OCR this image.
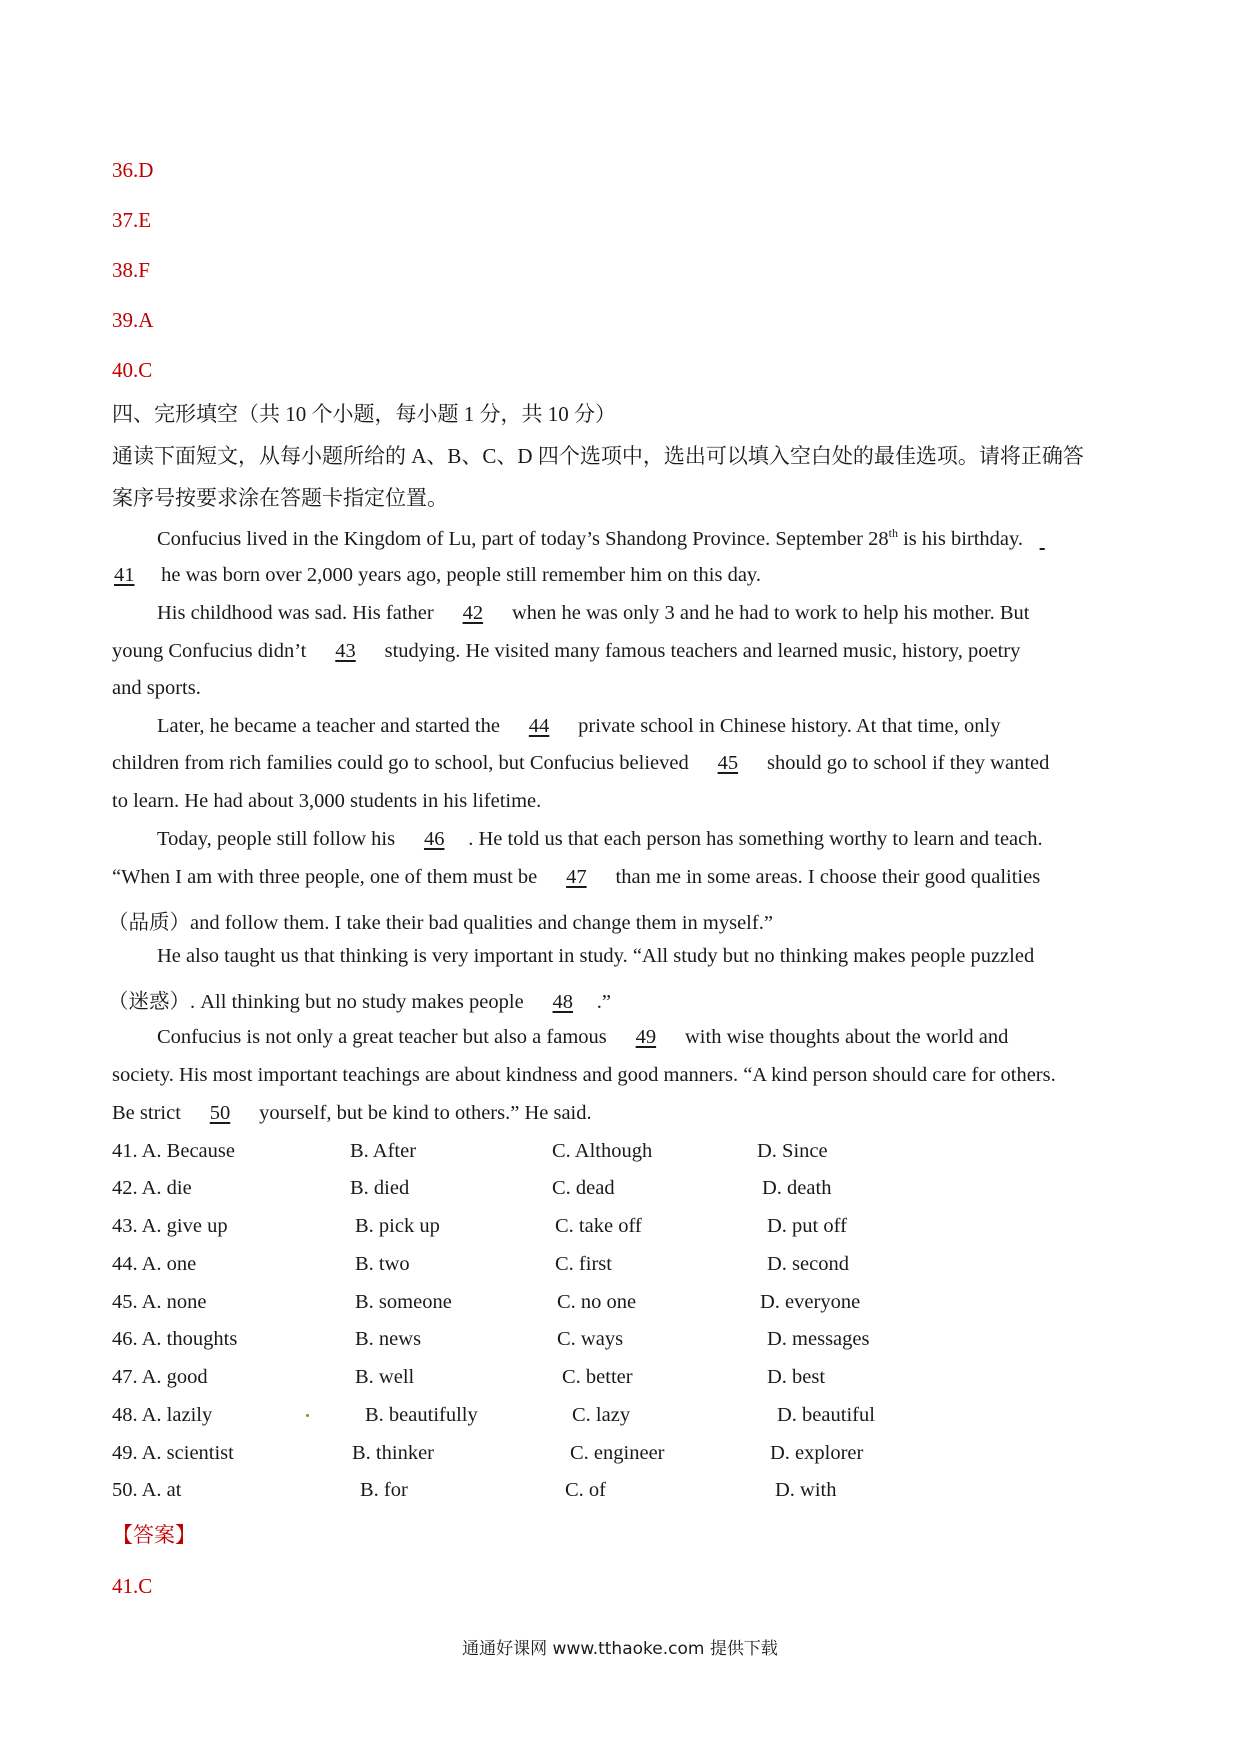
36.D
37.E
38.F
39.A
40.C
四、完形填空（共 10 个小题，每小题 1 分，共 10 分）
通读下面短文，从每小题所给的 A、B、C、D 四个选项中，选出可以填入空白处的最佳选项。请将正确答
案序号按要求涂在答题卡指定位置。
Confucius lived in the Kingdom of Lu, part of today’s Shandong Province. September 28th is his birthday.
41 he was born over 2,000 years ago, people still remember him on this day.
His childhood was sad. His father 42 when he was only 3 and he had to work to help his mother. But
young Confucius didn’t 43 studying. He visited many famous teachers and learned music, history, poetry
and sports.
Later, he became a teacher and started the 44 private school in Chinese history. At that time, only
children from rich families could go to school, but Confucius believed 45 should go to school if they wanted
to learn. He had about 3,000 students in his lifetime.
Today, people still follow his 46 . He told us that each person has something worthy to learn and teach.
“When I am with three people, one of them must be 47 than me in some areas. I choose their good qualities
（品质）and follow them. I take their bad qualities and change them in myself.”
He also taught us that thinking is very important in study. “All study but no thinking makes people puzzled
（迷惑）. All thinking but no study makes people 48 .”
Confucius is not only a great teacher but also a famous 49 with wise thoughts about the world and
society. His most important teachings are about kindness and good manners. “A kind person should care for others.
Be strict 50 yourself, but be kind to others.” He said.
41. A. Because	B. After	C. Although	D. Since
42. A. die	B. died	C. dead	D. death
43. A. give up	B. pick up	C. take off	D. put off
44. A. one	B. two	C. first	D. second
45. A. none	B. someone	C. no one	D. everyone
46. A. thoughts	B. news	C. ways	D. messages
47. A. good	B. well	C. better	D. best
48. A. lazily	B. beautifully	C. lazy	D. beautiful
49. A. scientist	B. thinker	C. engineer	D. explorer
50. A. at	B. for	C. of	D. with
【答案】
41.C
通通好课网 www.tthaoke.com 提供下载
